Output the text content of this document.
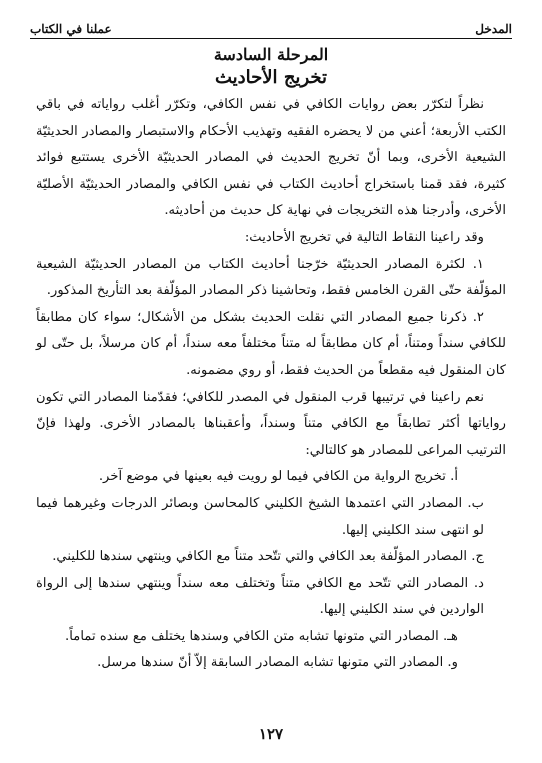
المدخل
عملنا في الكتاب
المرحلة السادسة
تخريج الأحاديث

نظراً لتكرّر بعض روايات الكافي في نفس الكافي، وتكرّر أغلب رواياته في باقي الكتب الأربعة؛ أعني من لا يحضره الفقيه وتهذيب الأحكام والاستبصار والمصادر الحديثيّة الشيعية الأخرى، وبما أنّ تخريج الحديث في المصادر الحديثيّة الأخرى يستتبع فوائد كثيرة، فقد قمنا باستخراج أحاديث الكتاب في نفس الكافي والمصادر الحديثيّة الأصليّة الأخرى، وأدرجنا هذه التخريجات في نهاية كل حديث من أحاديثه.

وقد راعينا النقاط التالية في تخريج الأحاديث:

١. لكثرة المصادر الحديثيّة خرّجنا أحاديث الكتاب من المصادر الحديثيّة الشيعية المؤلّفة حتّى القرن الخامس فقط، وتحاشينا ذكر المصادر المؤلّفة بعد التأريخ المذكور.

٢. ذكرنا جميع المصادر التي نقلت الحديث بشكل من الأشكال؛ سواء كان مطابقاً للكافي سنداً ومتناً، أم كان مطابقاً له متناً مختلفاً معه سنداً، أم كان مرسلاً، بل حتّى لو كان المنقول فيه مقطعاً من الحديث فقط، أو روي مضمونه.

نعم راعينا في ترتيبها قرب المنقول في المصدر للكافي؛ فقدّمنا المصادر التي تكون رواياتها أكثر تطابقاً مع الكافي متناً وسنداً، وأعقبناها بالمصادر الأخرى. ولهذا فإنّ الترتيب المراعى للمصادر هو كالتالي:

أ. تخريج الرواية من الكافي فيما لو رويت فيه بعينها في موضع آخر.

ب. المصادر التي اعتمدها الشيخ الكليني كالمحاسن وبصائر الدرجات وغيرهما فيما لو انتهى سند الكليني إليها.

ج. المصادر المؤلّفة بعد الكافي والتي تتّحد متناً مع الكافي وينتهي سندها للكليني.

د. المصادر التي تتّحد مع الكافي متناً وتختلف معه سنداً وينتهي سندها إلى الرواة الواردين في سند الكليني إليها.

هـ. المصادر التي متونها تشابه متن الكافي وسندها يختلف مع سنده تماماً.

و. المصادر التي متونها تشابه المصادر السابقة إلاّ أنّ سندها مرسل.

١٢٧
